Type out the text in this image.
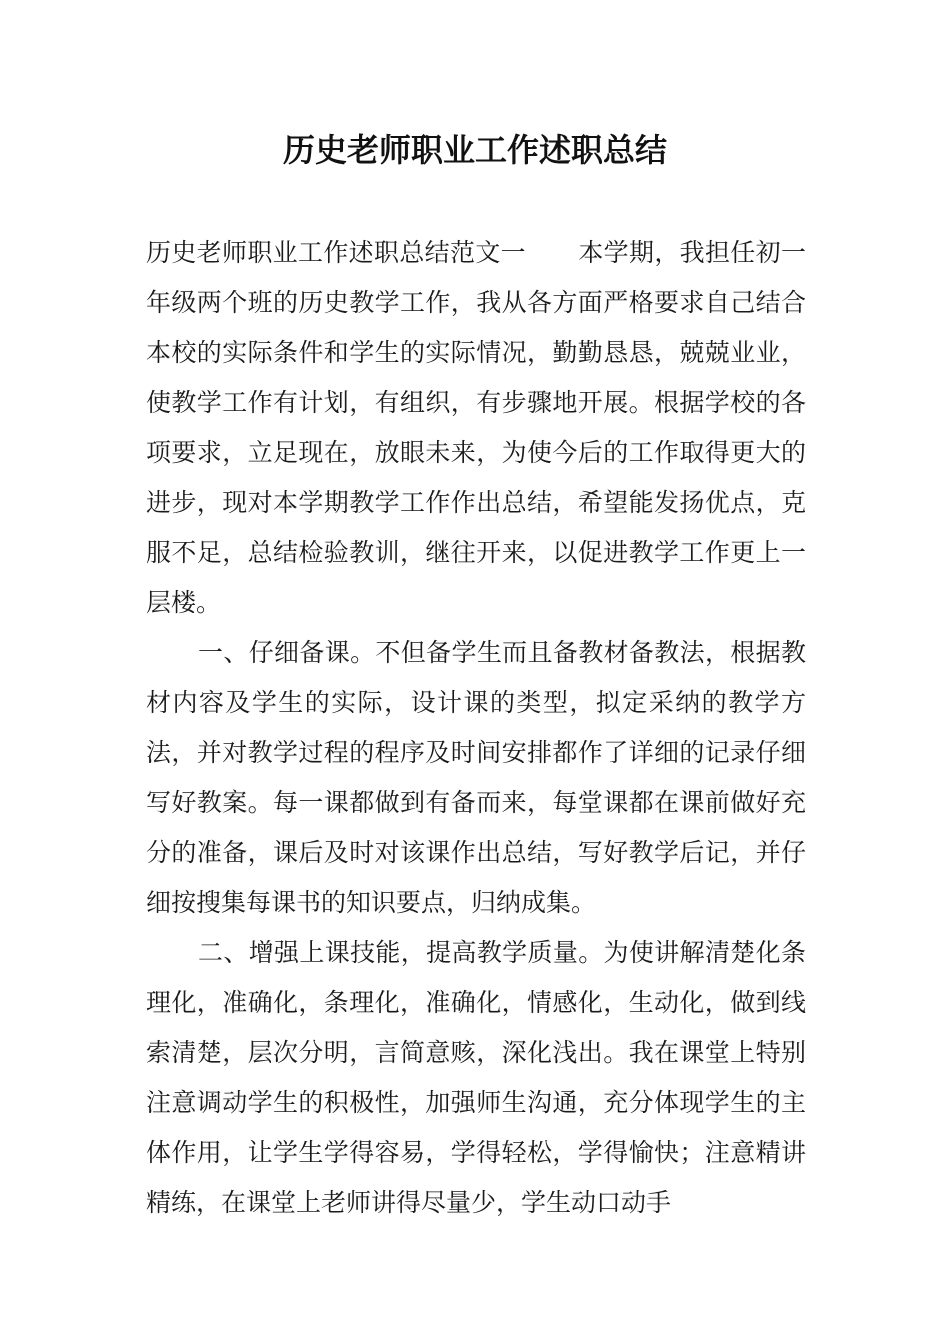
历史老师职业工作述职总结

历史老师职业工作述职总结范文一 本学期，我担任初一年级两个班的历史教学工作，我从各方面严格要求自己结合本校的实际条件和学生的实际情况，勤勤恳恳，兢兢业业，使教学工作有计划，有组织，有步骤地开展。根据学校的各项要求，立足现在，放眼未来，为使今后的工作取得更大的进步，现对本学期教学工作作出总结，希望能发扬优点，克服不足，总结检验教训，继往开来，以促进教学工作更上一层楼。

一、仔细备课。不但备学生而且备教材备教法，根据教材内容及学生的实际，设计课的类型，拟定采纳的教学方法，并对教学过程的程序及时间安排都作了详细的记录仔细写好教案。每一课都做到有备而来，每堂课都在课前做好充分的准备，课后及时对该课作出总结，写好教学后记，并仔细按搜集每课书的知识要点，归纳成集。

二、增强上课技能，提高教学质量。为使讲解清楚化条理化，准确化，条理化，准确化，情感化，生动化，做到线索清楚，层次分明，言简意赅，深化浅出。我在课堂上特别注意调动学生的积极性，加强师生沟通，充分体现学生的主体作用，让学生学得容易，学得轻松，学得愉快；注意精讲精练，在课堂上老师讲得尽量少，学生动口动手
